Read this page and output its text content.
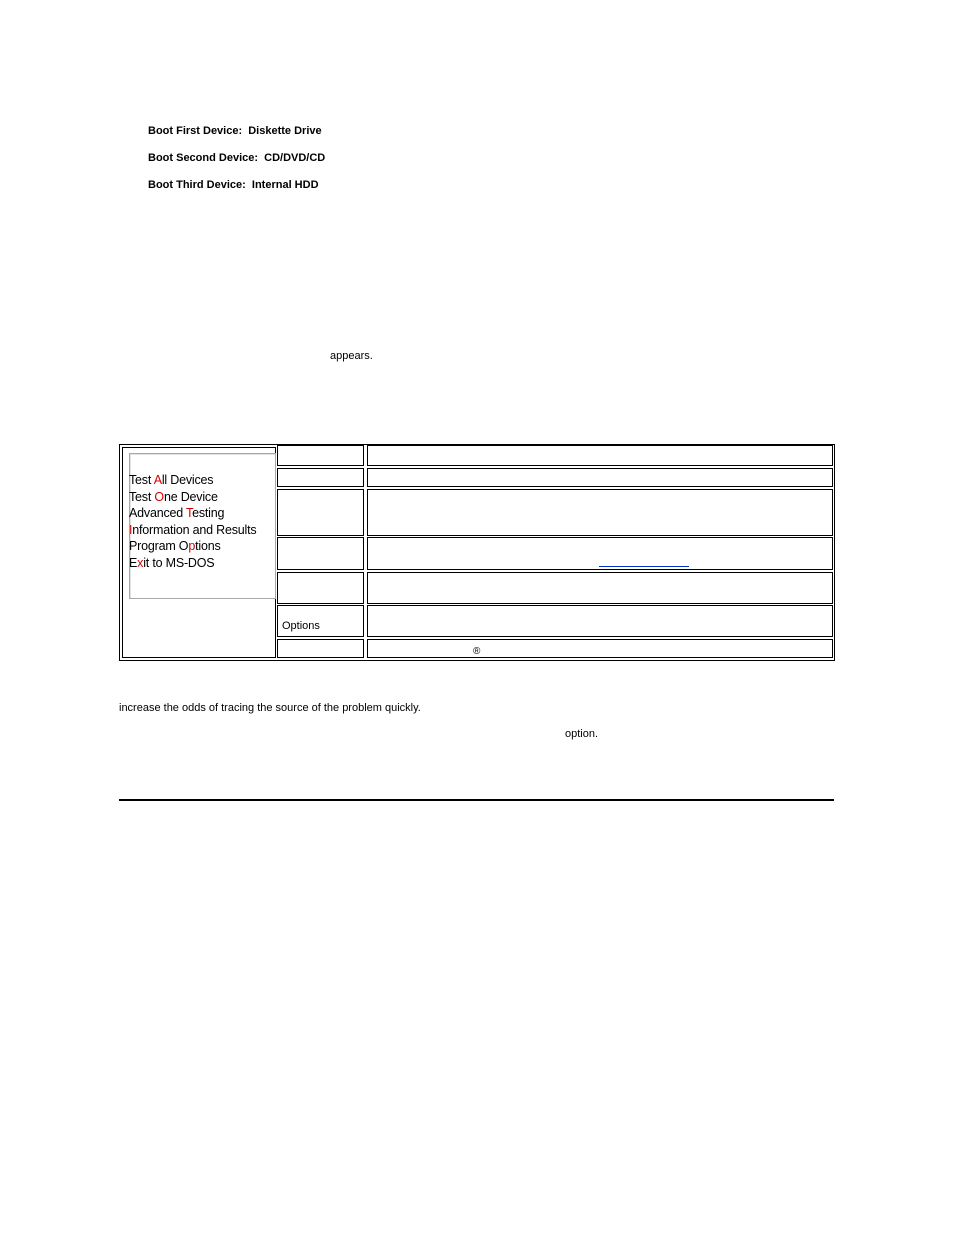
Boot First Device:  Diskette Drive
Boot Second Device:  CD/DVD/CD
Boot Third Device:  Internal HDD
appears.
Test All Devices
Test One Device
Advanced Testing
Information and Results
Program Options
Exit to MS-DOS
Options
®
increase the odds of tracing the source of the problem quickly.
option.
